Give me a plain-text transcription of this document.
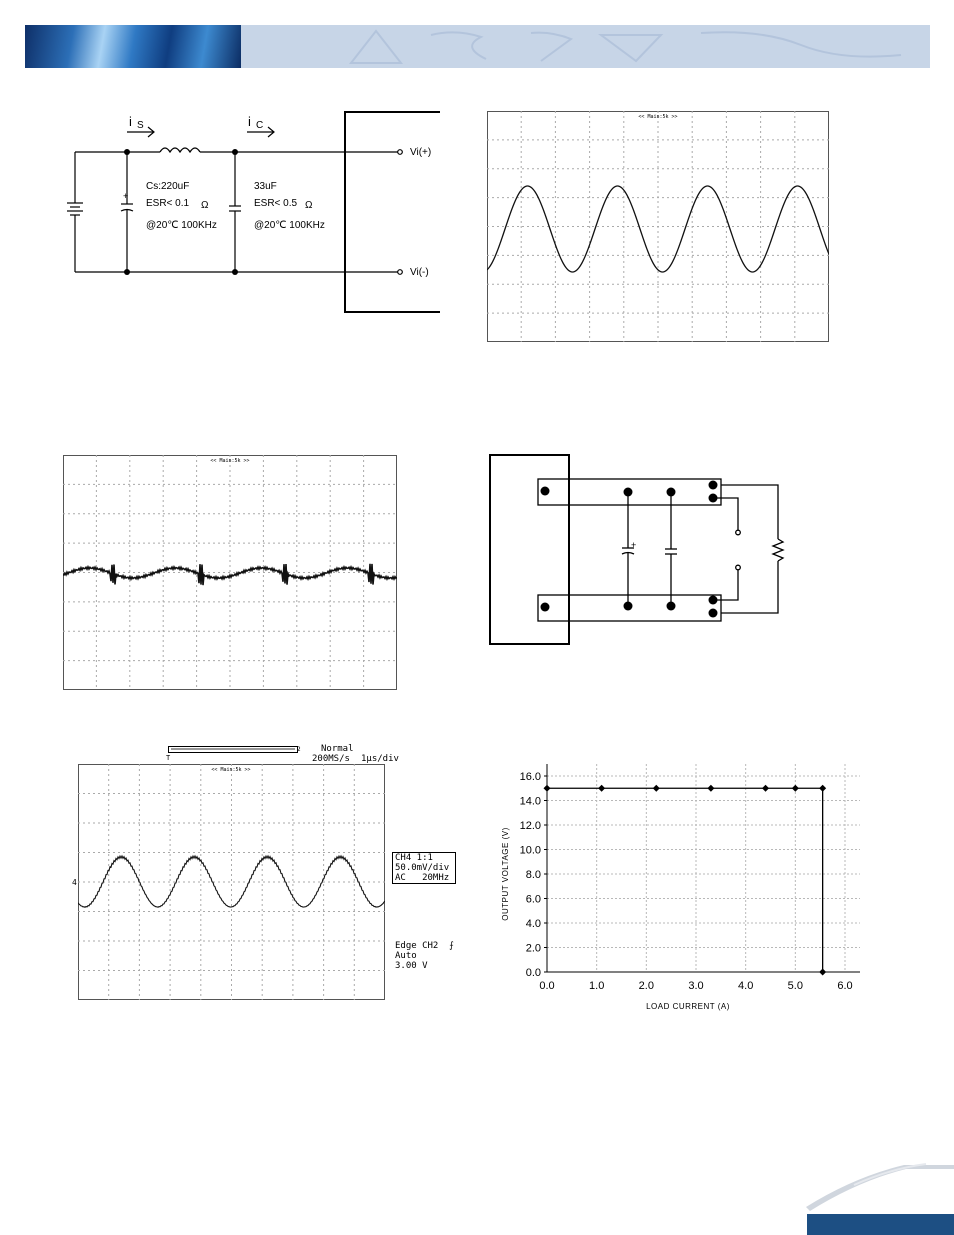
+
i S	i C
Cs:220uF
ESR< 0.1 Ω
@20℃ 100KHz
33uF
ESR< 0.5 Ω
@20℃ 100KHz
Vi(+)
Vi(-)
<< Main:5k >>
<< Main:5k >>
+
2
T
Normal
200MS/s 1μs/div
<< Main:5k >>
4
CH4 1:1
50.0mV/div
AC   20MHz
Edge CH2  ⨍
Auto
3.00 V
0.0	1.0	2.0	3.0	4.0	5.0	6.0
0.0
2.0
4.0
6.0
8.0
10.0
12.0
14.0
16.0
LOAD CURRENT (A)
OUTPUT VOLTAGE (V)
